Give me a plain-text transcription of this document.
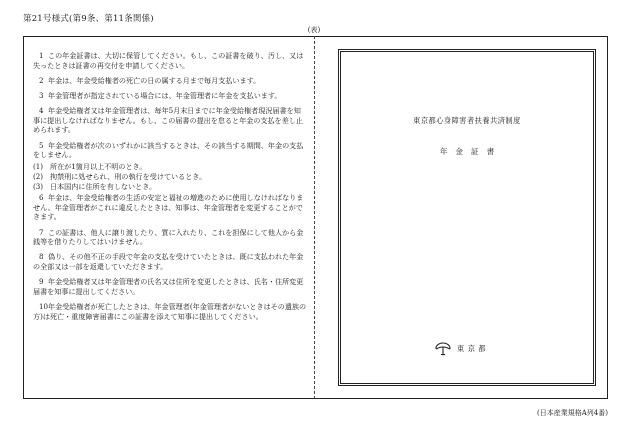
第21号様式(第9条、第11条関係)
(表)

1 この年金証書は、大切に保管してください。もし、この証書を破り、汚し、又は失ったときは証書の再交付を申請してください。

2 年金は、年金受給権者の死亡の日の属する月まで毎月支払います。

3 年金管理者が指定されている場合には、年金管理者に年金を支払います。

4 年金受給権者又は年金管理者は、毎年5月末日までに年金受給権者現況届書を知事に提出しなければなりません。もし、この届書の提出を怠ると年金の支払を差し止められます。

5 年金受給権者が次のいずれかに該当するときは、その該当する期間、年金の支払をしません。

(1) 所在が1箇月以上不明のとき。

(2) 拘禁刑に処せられ、刑の執行を受けているとき。

(3) 日本国内に住所を有しないとき。

6 年金は、年金受給権者の生活の安定と福祉の増進のために使用しなければなりません。年金管理者がこれに違反したときは、知事は、年金管理者を変更することができます。

7 この証書は、他人に譲り渡したり、質に入れたり、これを担保にして他人から金銭等を借りたりしてはいけません。

8 偽り、その他不正の手段で年金の支払を受けていたときは、既に支払われた年金の全部又は一部を返還していただきます。

9 年金受給権者又は年金管理者の氏名又は住所を変更したときは、氏名・住所変更届書を知事に提出してください。

10年金受給権者が死亡したときは、年金管理者(年金管理者がないときはその遺族の方)は死亡・重度障害届書にこの証書を添えて知事に提出してください。

東京都心身障害者扶養共済制度
年金証書
東京都
(日本産業規格A列4番)
